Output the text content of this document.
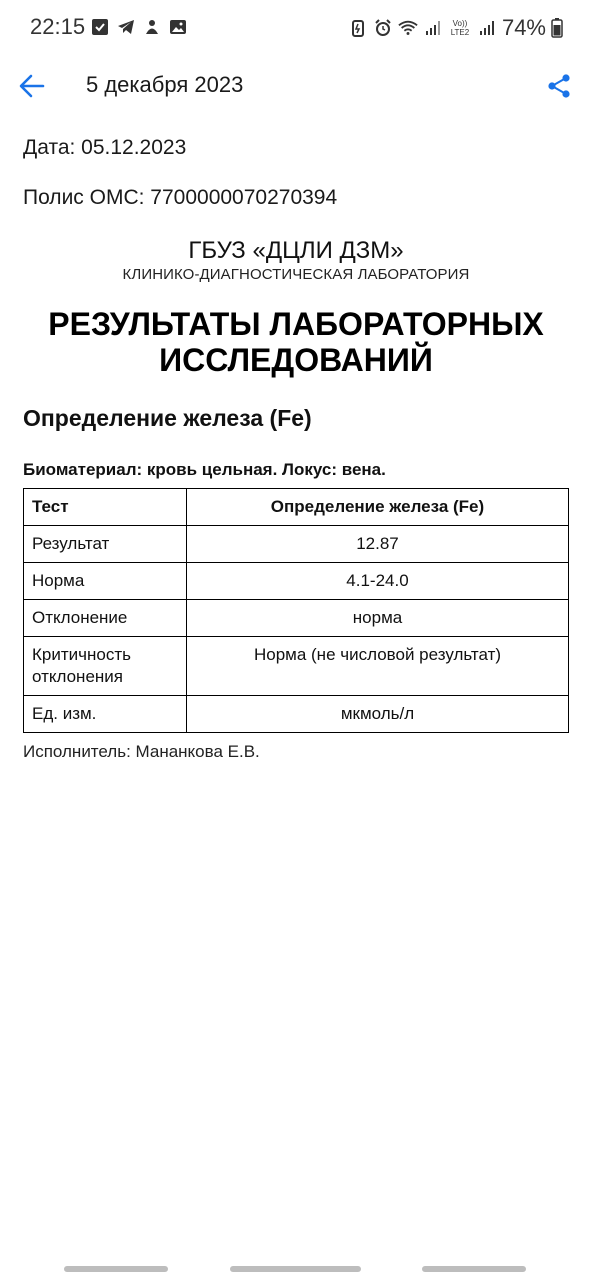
22:15	Vo)) LTE2 74%
5 декабря 2023

Дата: 05.12.2023

Полис ОМС: 7700000070270394

ГБУЗ «ДЦЛИ ДЗМ»
КЛИНИКО-ДИАГНОСТИЧЕСКАЯ ЛАБОРАТОРИЯ
РЕЗУЛЬТАТЫ ЛАБОРАТОРНЫХ ИССЛЕДОВАНИЙ
Определение железа (Fe)
Биоматериал: кровь цельная. Локус: вена.
Тест	Определение железа (Fe)
Результат	12.87
Норма	4.1-24.0
Отклонение	норма
Критичность отклонения	Норма (не числовой результат)
Ед. изм.	мкмоль/л
Исполнитель: Мананкова Е.В.
